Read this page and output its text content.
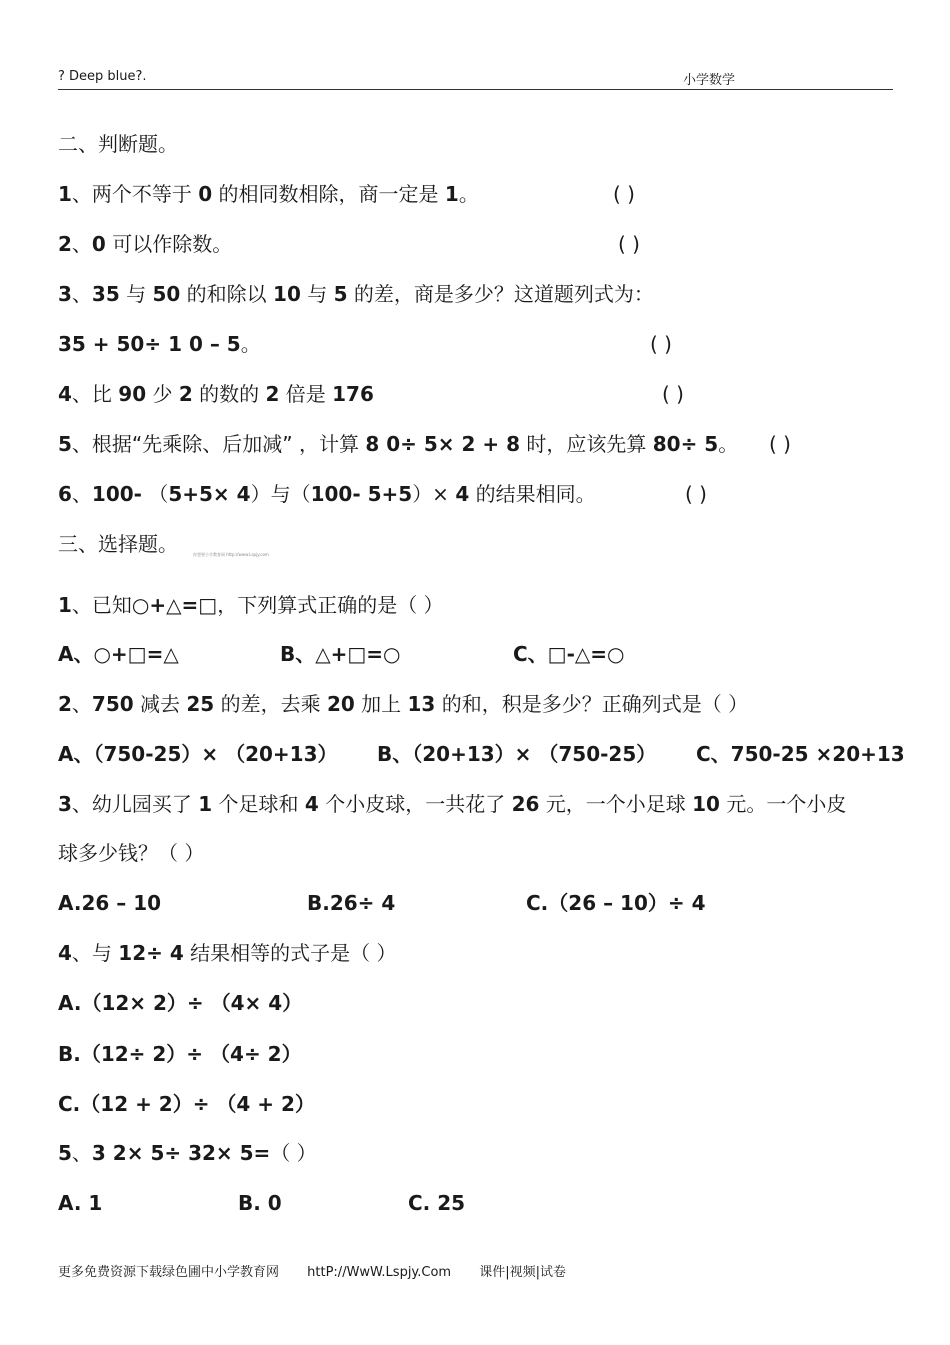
? Deep blue?.	小学数学
二、判断题。
1、两个不等于 0 的相同数相除，商一定是 1。	( )
2、0 可以作除数。	( )
3、35 与 50 的和除以 10 与 5 的差，商是多少？这道题列式为：
35 + 50÷ 1 0 – 5。	( )
4、比 90 少 2 的数的 2 倍是 176	( )
5、根据“先乘除、后加减” ，计算 8 0÷ 5× 2 + 8 时，应该先算 80÷ 5。 ( )
6、100- （5+5× 4）与（100- 5+5）× 4 的结果相同。	( )
三、选择题。	你想要小学教育网 http://www.Lspjy.com
1、已知○+△=□，下列算式正确的是（ ）
A、○+□=△	B、△+□=○	C、□-△=○
2、750 减去 25 的差，去乘 20 加上 13 的和，积是多少？正确列式是（ ）
A、（750-25）× （20+13） B、（20+13）× （750-25） C、750-25 ×20+13
3、幼儿园买了 1 个足球和 4 个小皮球，一共花了 26 元，一个小足球 10 元。一个小皮
球多少钱？（ ）
A.26 – 10	B.26÷ 4	C.（26 – 10）÷ 4
4、与 12÷ 4 结果相等的式子是（ ）
A.（12× 2）÷ （4× 4）
B.（12÷ 2）÷ （4÷ 2）
C.（12 + 2）÷ （4 + 2）
5、3 2× 5÷ 32× 5=（ ）
A. 1	B. 0	C. 25
更多免费资源下载绿色圃中小学教育网 httP://WwW.Lspjy.Com 课件|视频|试卷
